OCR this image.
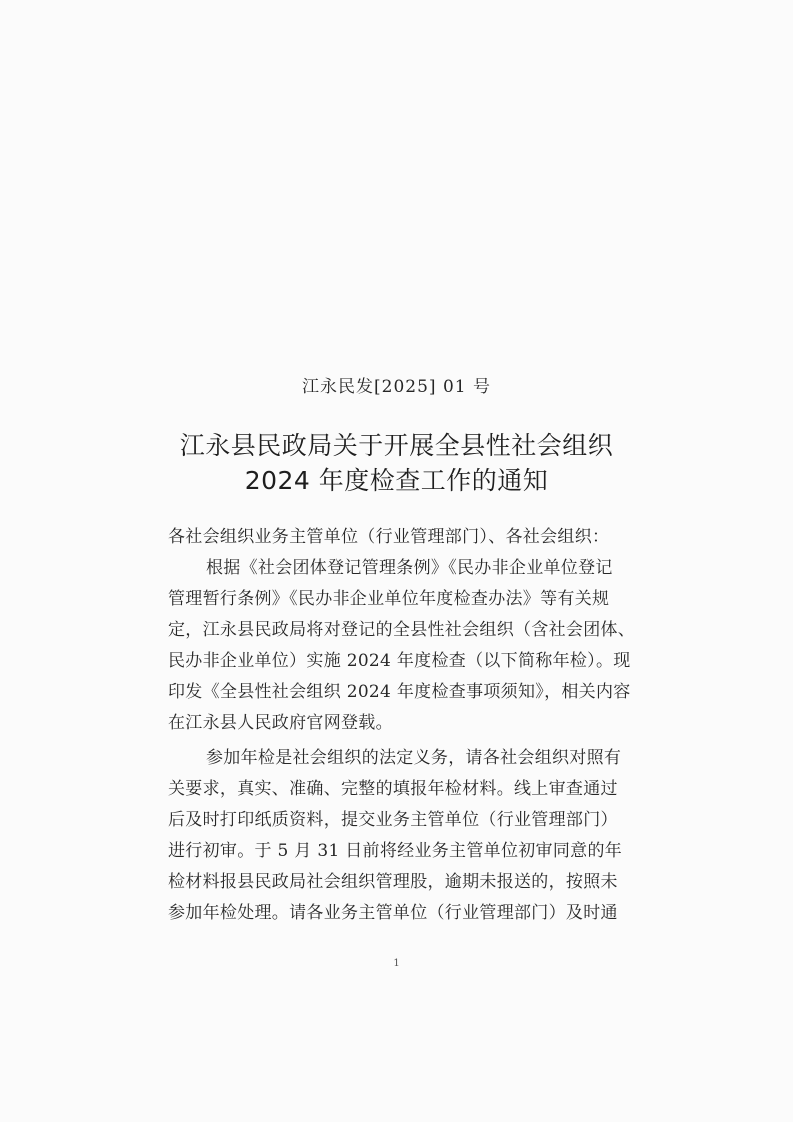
江永民发[2025] 01 号
江永县民政局关于开展全县性社会组织
2024 年度检查工作的通知
各社会组织业务主管单位（行业管理部门）、各社会组织：
根据《社会团体登记管理条例》《民办非企业单位登记
管理暂行条例》《民办非企业单位年度检查办法》等有关规
定，江永县民政局将对登记的全县性社会组织（含社会团体、
民办非企业单位）实施 2024 年度检查（以下简称年检）。现
印发《全县性社会组织 2024 年度检查事项须知》，相关内容
在江永县人民政府官网登载。
参加年检是社会组织的法定义务，请各社会组织对照有
关要求，真实、准确、完整的填报年检材料。线上审查通过
后及时打印纸质资料，提交业务主管单位（行业管理部门）
进行初审。于 5 月 31 日前将经业务主管单位初审同意的年
检材料报县民政局社会组织管理股，逾期未报送的，按照未
参加年检处理。请各业务主管单位（行业管理部门）及时通
1
